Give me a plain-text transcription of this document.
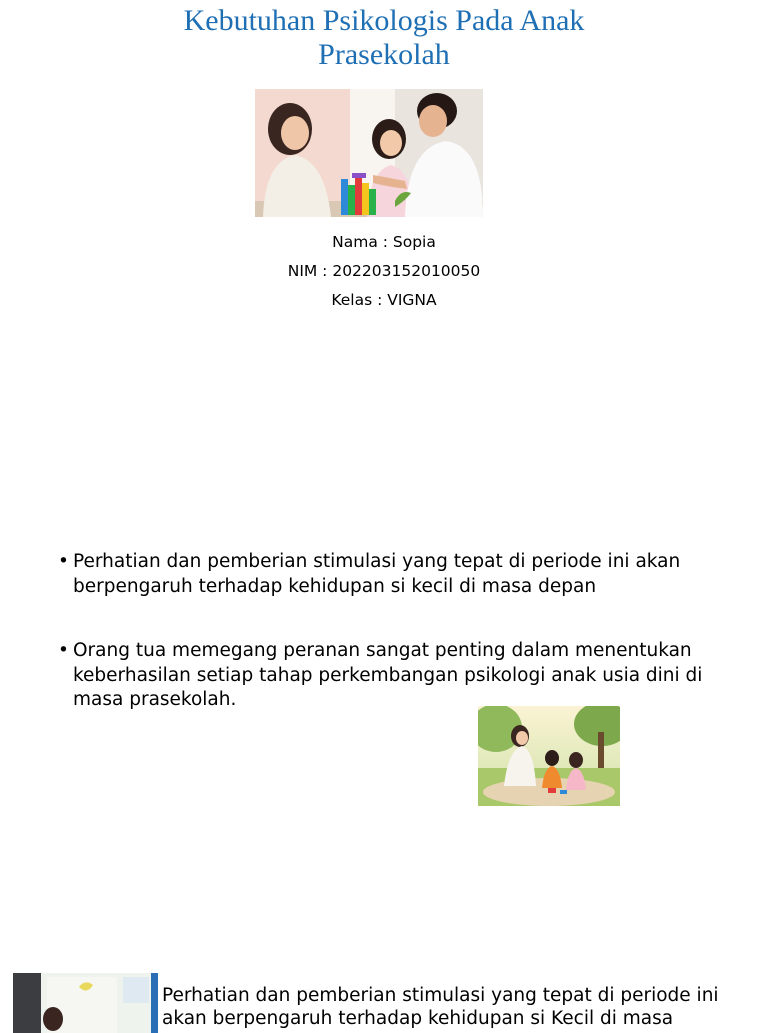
Kebutuhan Psikologis Pada Anak
Prasekolah
Nama : Sopia
NIM : 202203152010050
Kelas : VIGNA
• Perhatian dan pemberian stimulasi yang tepat di periode ini akan
berpengaruh terhadap kehidupan si kecil di masa depan
• Orang tua memegang peranan sangat penting dalam menentukan
keberhasilan setiap tahap perkembangan psikologi anak usia dini di
masa prasekolah.
Perhatian dan pemberian stimulasi yang tepat di periode ini
akan berpengaruh terhadap kehidupan si Kecil di masa
